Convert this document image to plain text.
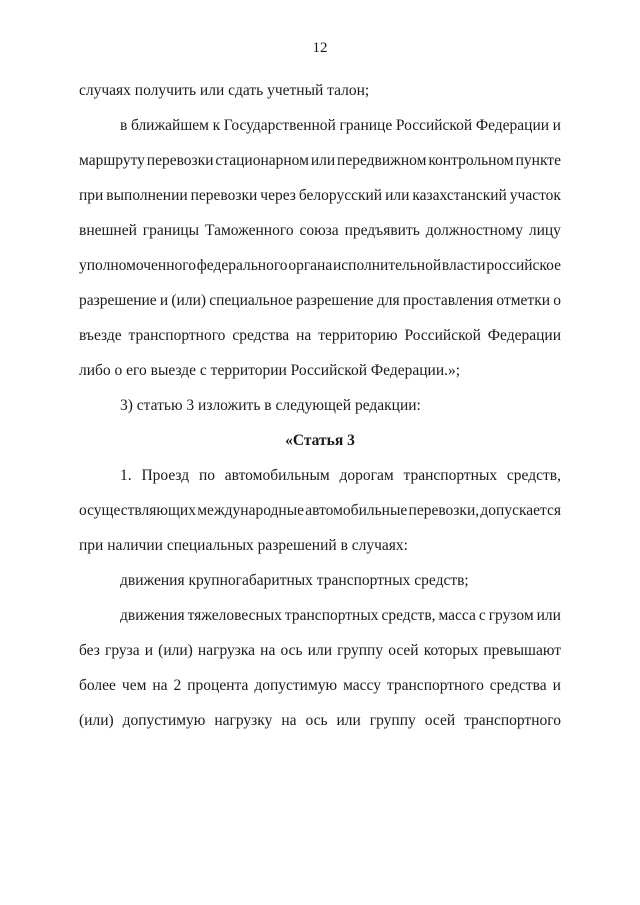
12
случаях получить или сдать учетный талон;
в ближайшем к Государственной границе Российской Федерации и
маршруту перевозки стационарном или передвижном контрольном пункте
при выполнении перевозки через белорусский или казахстанский участок
внешней границы Таможенного союза предъявить должностному лицу
уполномоченного федерального органа исполнительной власти российское
разрешение и (или) специальное разрешение для проставления отметки о
въезде транспортного средства на территорию Российской Федерации
либо о его выезде с территории Российской Федерации.»;
3) статью 3 изложить в следующей редакции:
«Статья 3
1. Проезд по автомобильным дорогам транспортных средств,
осуществляющих международные автомобильные перевозки, допускается
при наличии специальных разрешений в случаях:
движения крупногабаритных транспортных средств;
движения тяжеловесных транспортных средств, масса с грузом или
без груза и (или) нагрузка на ось или группу осей которых превышают
более чем на 2 процента допустимую массу транспортного средства и
(или) допустимую нагрузку на ось или группу осей транспортного
